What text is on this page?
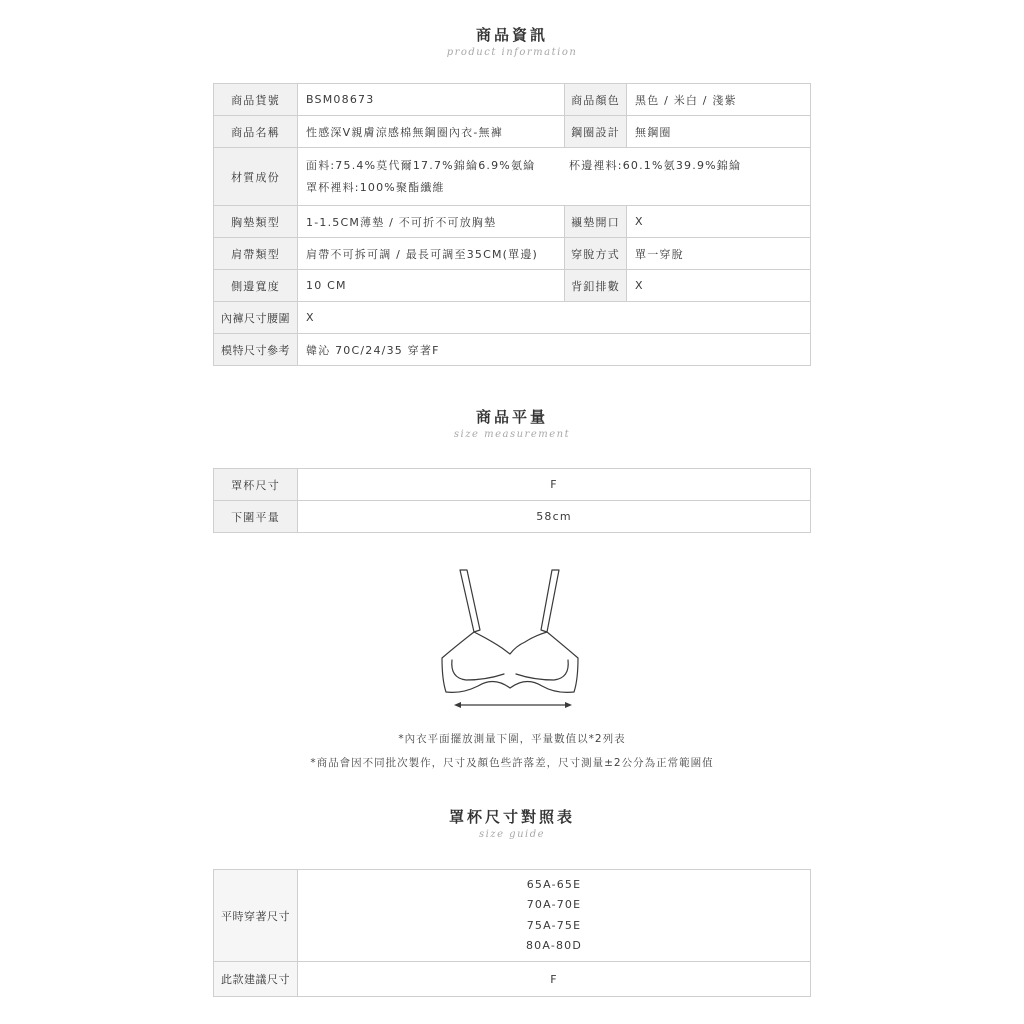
商品資訊
product information
商品貨號	BSM08673	商品顏色	黑色 / 米白 / 淺紫
商品名稱	性感深V親膚涼感棉無鋼圈內衣-無褲	鋼圈設計	無鋼圈
材質成份	面料:75.4%莫代爾17.7%錦綸6.9%氨綸 杯邊裡料:60.1%氨39.9%錦綸
罩杯裡料:100%聚酯纖維		

胸墊類型	1-1.5CM薄墊 / 不可折不可放胸墊	襯墊開口	X
肩帶類型	肩帶不可拆可調 / 最長可調至35CM(單邊)	穿脫方式	單一穿脫
側邊寬度	10 CM	背釦排數	X
內褲尺寸腰圍	X		
模特尺寸參考	韓沁 70C/24/35 穿著F		
商品平量
size measurement
罩杯尺寸	F
下圍平量	58cm
*內衣平面擺放測量下圍，平量數值以*2列表
*商品會因不同批次製作，尺寸及顏色些許落差，尺寸測量±2公分為正常範圍值
罩杯尺寸對照表
size guide
平時穿著尺寸	65A-65E
70A-70E
75A-75E
80A-80D

此款建議尺寸	F
